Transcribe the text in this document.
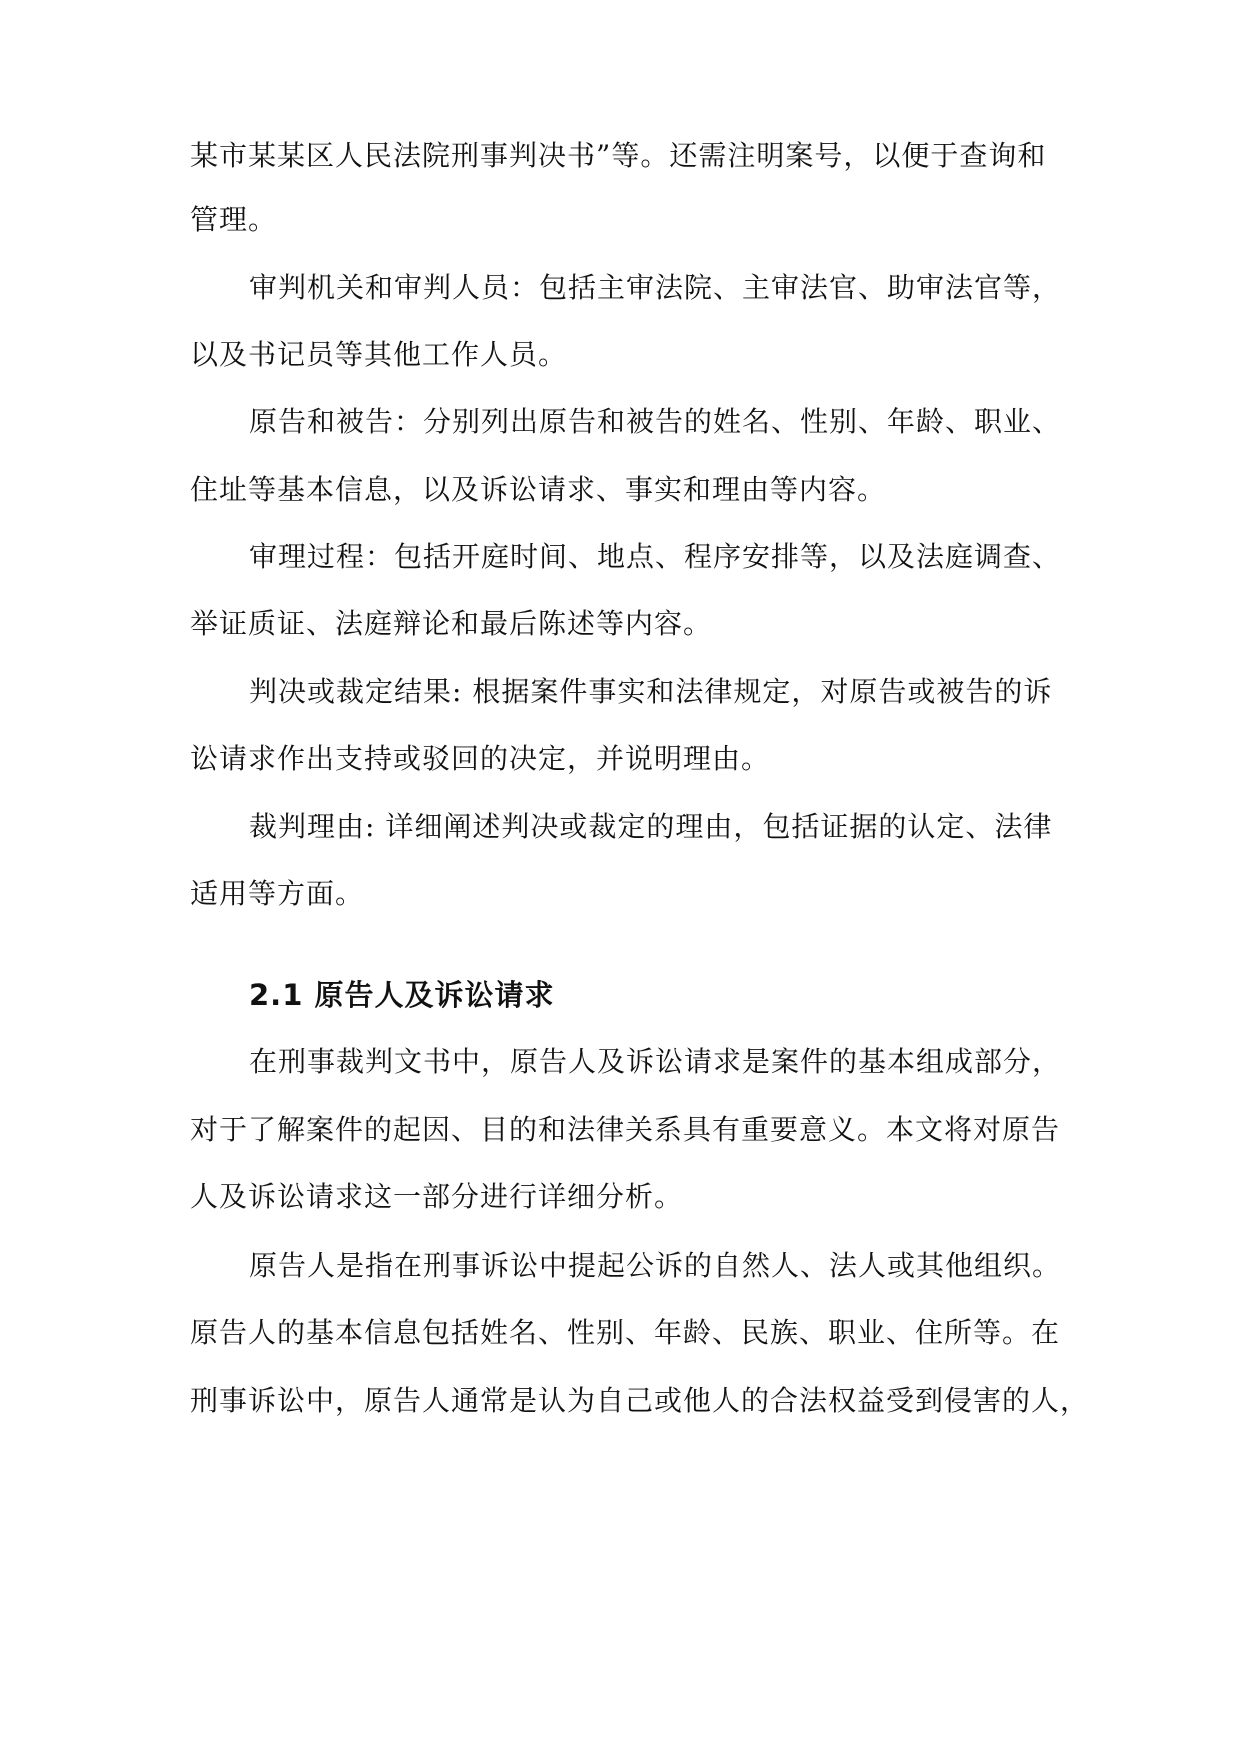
某市某某区人民法院刑事判决书”等。还需注明案号，以便于查询和
管理。
审判机关和审判人员：包括主审法院、主审法官、助审法官等，
以及书记员等其他工作人员。
原告和被告：分别列出原告和被告的姓名、性别、年龄、职业、
住址等基本信息，以及诉讼请求、事实和理由等内容。
审理过程：包括开庭时间、地点、程序安排等，以及法庭调查、
举证质证、法庭辩论和最后陈述等内容。
判决或裁定结果: 根据案件事实和法律规定，对原告或被告的诉
讼请求作出支持或驳回的决定，并说明理由。
裁判理由: 详细阐述判决或裁定的理由，包括证据的认定、法律
适用等方面。
2.1 原告人及诉讼请求
在刑事裁判文书中，原告人及诉讼请求是案件的基本组成部分，
对于了解案件的起因、目的和法律关系具有重要意义。本文将对原告
人及诉讼请求这一部分进行详细分析。
原告人是指在刑事诉讼中提起公诉的自然人、法人或其他组织。
原告人的基本信息包括姓名、性别、年龄、民族、职业、住所等。在
刑事诉讼中，原告人通常是认为自己或他人的合法权益受到侵害的人，
